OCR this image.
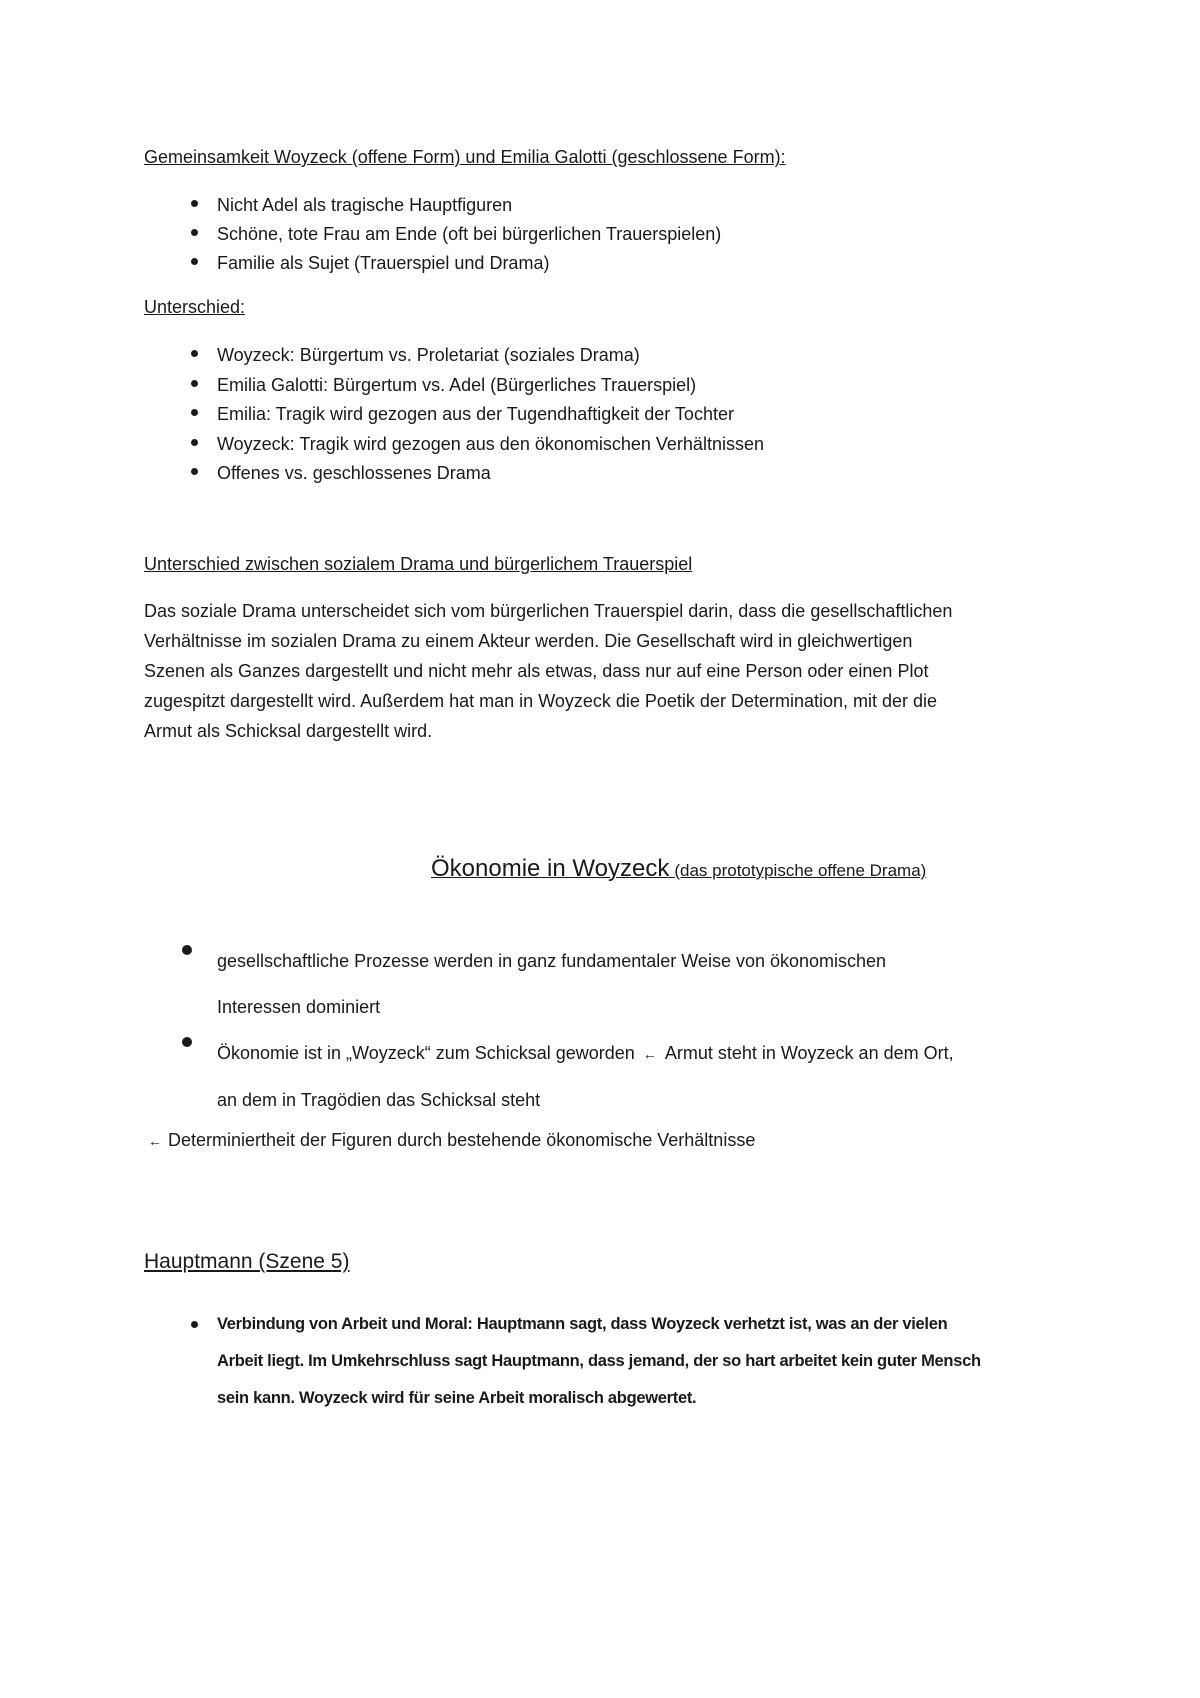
Gemeinsamkeit Woyzeck (offene Form) und Emilia Galotti (geschlossene Form):
Nicht Adel als tragische Hauptfiguren
Schöne, tote Frau am Ende (oft bei bürgerlichen Trauerspielen)
Familie als Sujet (Trauerspiel und Drama)
Unterschied:
Woyzeck: Bürgertum vs. Proletariat (soziales Drama)
Emilia Galotti: Bürgertum vs. Adel (Bürgerliches Trauerspiel)
Emilia: Tragik wird gezogen aus der Tugendhaftigkeit der Tochter
Woyzeck: Tragik wird gezogen aus den ökonomischen Verhältnissen
Offenes vs. geschlossenes Drama
Unterschied zwischen sozialem Drama und bürgerlichem Trauerspiel
Das soziale Drama unterscheidet sich vom bürgerlichen Trauerspiel darin, dass die gesellschaftlichen
Verhältnisse im sozialen Drama zu einem Akteur werden. Die Gesellschaft wird in gleichwertigen
Szenen als Ganzes dargestellt und nicht mehr als etwas, dass nur auf eine Person oder einen Plot
zugespitzt dargestellt wird. Außerdem hat man in Woyzeck die Poetik der Determination, mit der die
Armut als Schicksal dargestellt wird.
Ökonomie in Woyzeck (das prototypische offene Drama)
gesellschaftliche Prozesse werden in ganz fundamentaler Weise von ökonomischen
Interessen dominiert
Ökonomie ist in „Woyzeck“ zum Schicksal geworden ← Armut steht in Woyzeck an dem Ort,
an dem in Tragödien das Schicksal steht
← Determiniertheit der Figuren durch bestehende ökonomische Verhältnisse
Hauptmann (Szene 5)
Verbindung von Arbeit und Moral: Hauptmann sagt, dass Woyzeck verhetzt ist, was an der vielen
Arbeit liegt. Im Umkehrschluss sagt Hauptmann, dass jemand, der so hart arbeitet kein guter Mensch
sein kann. Woyzeck wird für seine Arbeit moralisch abgewertet.
